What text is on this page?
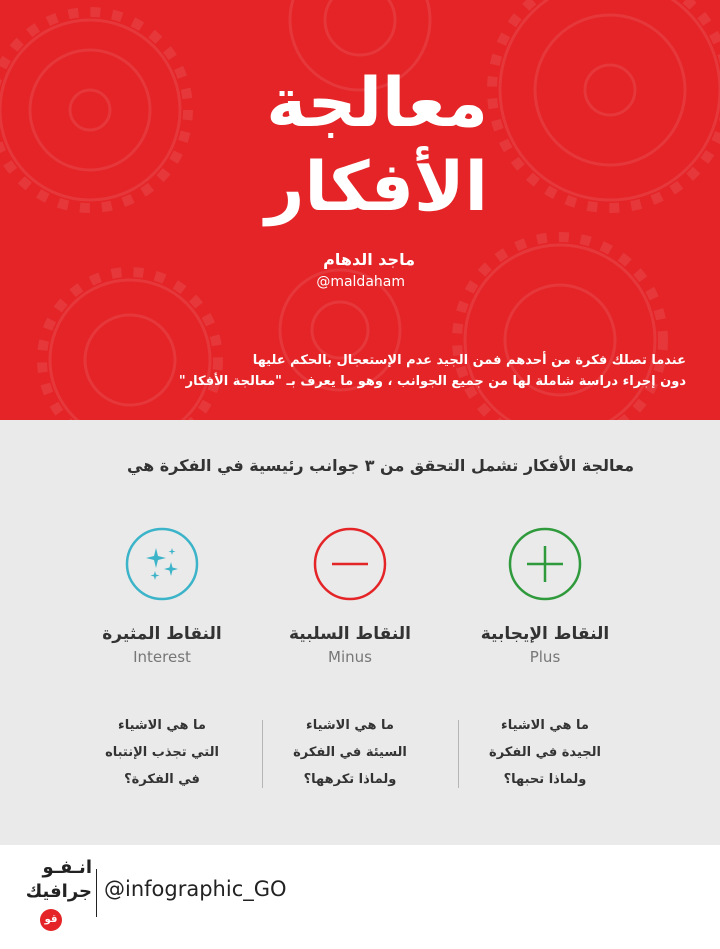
معالجة
الأفكار
ماجد الدهام
@maldaham
عندما تصلك فكرة من أحدهم فمن الجيد عدم الإستعجال بالحكم عليها
دون إجراء دراسة شاملة لها من جميع الجوانب ، وهو ما يعرف بـ "معالجة الأفكار"
معالجة الأفكار تشمل التحقق من ٣ جوانب رئيسية في الفكرة هي
النقاط الإيجابية
Plus
ما هي الاشياء
الجيدة في الفكرة
ولماذا تحبها؟
النقاط السلبية
Minus
ما هي الاشياء
السيئة في الفكرة
ولماذا تكرهها؟
النقاط المثيرة
Interest
ما هي الاشياء
التي تجذب الإنتباه
في الفكرة؟
انـفـو
جرافيك
قو
@infographic_GO
